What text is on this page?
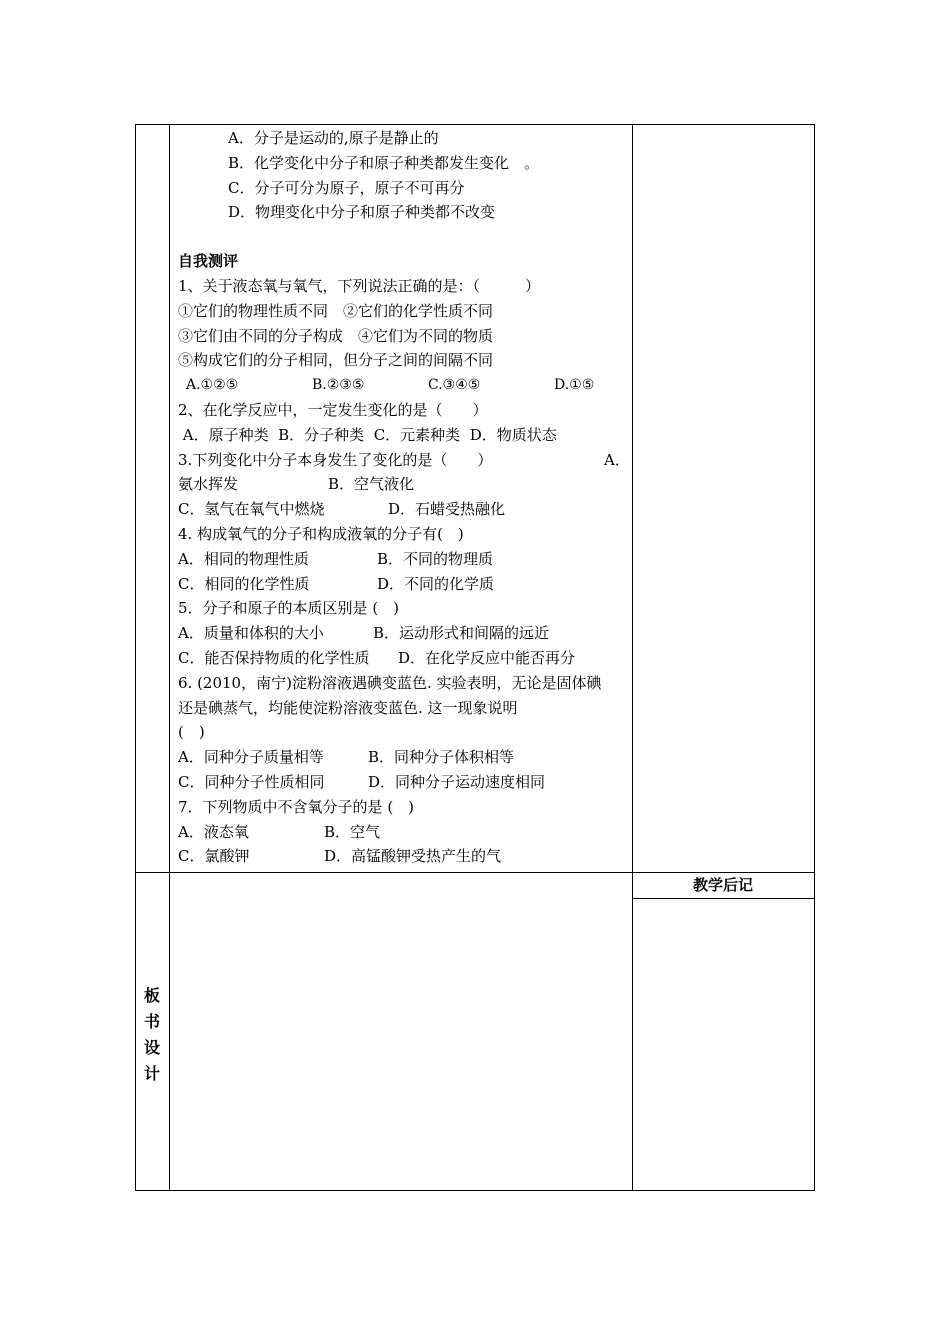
A．分子是运动的,原子是静止的
B．化学变化中分子和原子种类都发生变化　。
C．分子可分为原子，原子不可再分
D．物理变化中分子和原子种类都不改变
自我测评
1、关于液态氧与氧气，下列说法正确的是：（　　　）
①它们的物理性质不同　②它们的化学性质不同
③它们由不同的分子构成　④它们为不同的物质
⑤构成它们的分子相同，但分子之间的间隔不同
A.①②⑤	B.②③⑤	C.③④⑤	D.①⑤
2、在化学反应中，一定发生变化的是（　　）
A．原子种类  B．分子种类  C．元素种类  D．物质状态
3.下列变化中分子本身发生了变化的是（　　）	A．
氨水挥发	B．空气液化
C．氢气在氧气中燃烧	D．石蜡受热融化
4. 构成氧气的分子和构成液氧的分子有(　)
A．相同的物理性质	B．不同的物理质
C．相同的化学性质	D．不同的化学质
5．分子和原子的本质区别是 (　)
A．质量和体积的大小	B．运动形式和间隔的远近
C．能否保持物质的化学性质 D．在化学反应中能否再分
6. (2010，南宁)淀粉溶液遇碘变蓝色. 实验表明，无论是固体碘
还是碘蒸气，均能使淀粉溶液变蓝色. 这一现象说明
(　)
A．同种分子质量相等	B．同种分子体积相等
C．同种分子性质相同	D．同种分子运动速度相同
7．下列物质中不含氧分子的是 (　)
A．液态氧	B．空气
C．氯酸钾	D．高锰酸钾受热产生的气
板
书
设
计
教学后记
